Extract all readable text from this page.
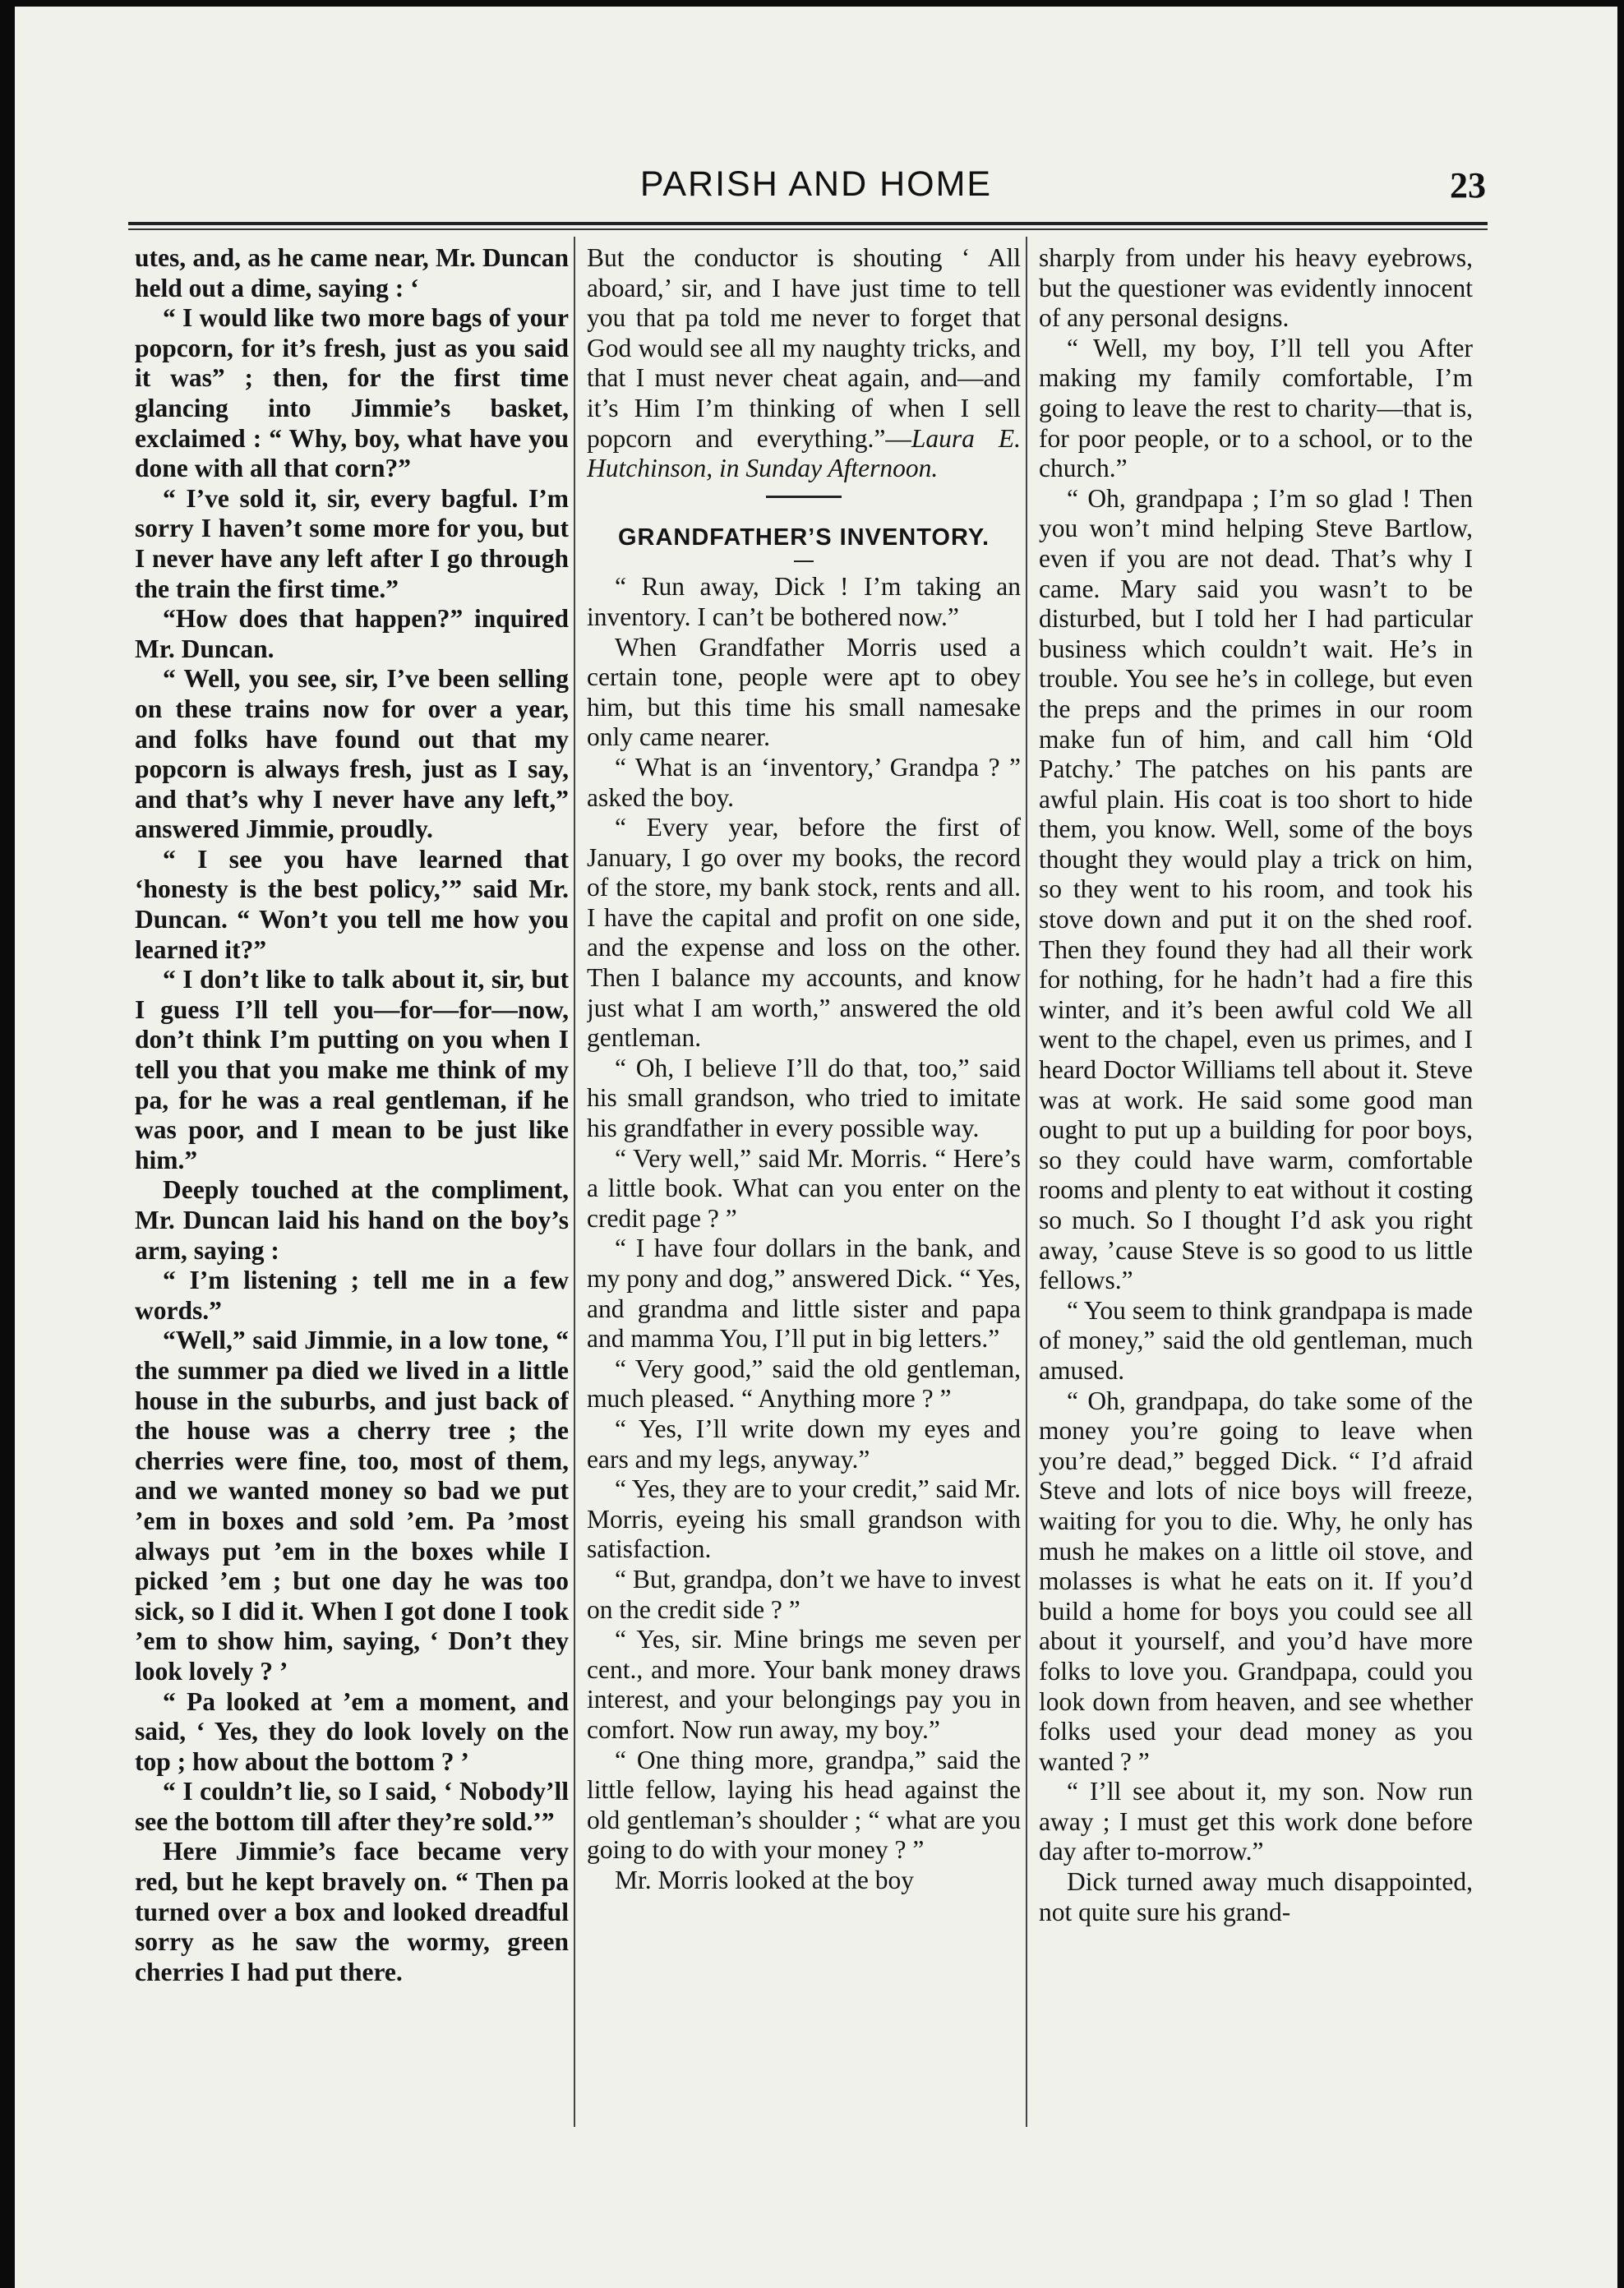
PARISH AND HOME	23

utes, and, as he came near, Mr. Duncan held out a dime, saying : ‘

“ I would like two more bags of your popcorn, for it’s fresh, just as you said it was” ; then, for the first time glancing into Jimmie’s basket, exclaimed : “ Why, boy, what have you done with all that corn?”

“ I’ve sold it, sir, every bagful. I’m sorry I haven’t some more for you, but I never have any left after I go through the train the first time.”

“How does that happen?” inquired Mr. Duncan.

“ Well, you see, sir, I’ve been selling on these trains now for over a year, and folks have found out that my popcorn is always fresh, just as I say, and that’s why I never have any left,” answered Jimmie, proudly.

“ I see you have learned that ‘honesty is the best policy,’” said Mr. Duncan. “ Won’t you tell me how you learned it?”

“ I don’t like to talk about it, sir, but I guess I’ll tell you—for—for—now, don’t think I’m putting on you when I tell you that you make me think of my pa, for he was a real gentleman, if he was poor, and I mean to be just like him.”

Deeply touched at the compliment, Mr. Duncan laid his hand on the boy’s arm, saying :

“ I’m listening ; tell me in a few words.”

“Well,” said Jimmie, in a low tone, “ the summer pa died we lived in a little house in the suburbs, and just back of the house was a cherry tree ; the cherries were fine, too, most of them, and we wanted money so bad we put ’em in boxes and sold ’em. Pa ’most always put ’em in the boxes while I picked ’em ; but one day he was too sick, so I did it. When I got done I took ’em to show him, saying, ‘ Don’t they look lovely ? ’

“ Pa looked at ’em a moment, and said, ‘ Yes, they do look lovely on the top ; how about the bottom ? ’

“ I couldn’t lie, so I said, ‘ Nobody’ll see the bottom till after they’re sold.’”

Here Jimmie’s face became very red, but he kept bravely on. “ Then pa turned over a box and looked dreadful sorry as he saw the wormy, green cherries I had put there.

But the conductor is shouting ‘ All aboard,’ sir, and I have just time to tell you that pa told me never to forget that God would see all my naughty tricks, and that I must never cheat again, and—and it’s Him I’m thinking of when I sell popcorn and everything.”—Laura E. Hutchinson, in Sunday Afternoon.

GRANDFATHER’S INVENTORY.

“ Run away, Dick ! I’m taking an inventory. I can’t be bothered now.”

When Grandfather Morris used a certain tone, people were apt to obey him, but this time his small namesake only came nearer.

“ What is an ‘inventory,’ Grandpa ? ” asked the boy.

“ Every year, before the first of January, I go over my books, the record of the store, my bank stock, rents and all. I have the capital and profit on one side, and the expense and loss on the other. Then I balance my accounts, and know just what I am worth,” answered the old gentleman.

“ Oh, I believe I’ll do that, too,” said his small grandson, who tried to imitate his grandfather in every possible way.

“ Very well,” said Mr. Morris. “ Here’s a little book. What can you enter on the credit page ? ”

“ I have four dollars in the bank, and my pony and dog,” answered Dick. “ Yes, and grandma and little sister and papa and mamma You, I’ll put in big letters.”

“ Very good,” said the old gentleman, much pleased. “ Anything more ? ”

“ Yes, I’ll write down my eyes and ears and my legs, anyway.”

“ Yes, they are to your credit,” said Mr. Morris, eyeing his small grandson with satisfaction.

“ But, grandpa, don’t we have to invest on the credit side ? ”

“ Yes, sir. Mine brings me seven per cent., and more. Your bank money draws interest, and your belongings pay you in comfort. Now run away, my boy.”

“ One thing more, grandpa,” said the little fellow, laying his head against the old gentleman’s shoulder ; “ what are you going to do with your money ? ”

Mr. Morris looked at the boy

sharply from under his heavy eyebrows, but the questioner was evidently innocent of any personal designs.

“ Well, my boy, I’ll tell you After making my family comfortable, I’m going to leave the rest to charity—that is, for poor people, or to a school, or to the church.”

“ Oh, grandpapa ; I’m so glad ! Then you won’t mind helping Steve Bartlow, even if you are not dead. That’s why I came. Mary said you wasn’t to be disturbed, but I told her I had particular business which couldn’t wait. He’s in trouble. You see he’s in college, but even the preps and the primes in our room make fun of him, and call him ‘Old Patchy.’ The patches on his pants are awful plain. His coat is too short to hide them, you know. Well, some of the boys thought they would play a trick on him, so they went to his room, and took his stove down and put it on the shed roof. Then they found they had all their work for nothing, for he hadn’t had a fire this winter, and it’s been awful cold We all went to the chapel, even us primes, and I heard Doctor Williams tell about it. Steve was at work. He said some good man ought to put up a building for poor boys, so they could have warm, comfortable rooms and plenty to eat without it costing so much. So I thought I’d ask you right away, ’cause Steve is so good to us little fellows.”

“ You seem to think grandpapa is made of money,” said the old gentleman, much amused.

“ Oh, grandpapa, do take some of the money you’re going to leave when you’re dead,” begged Dick. “ I’d afraid Steve and lots of nice boys will freeze, waiting for you to die. Why, he only has mush he makes on a little oil stove, and molasses is what he eats on it. If you’d build a home for boys you could see all about it yourself, and you’d have more folks to love you. Grandpapa, could you look down from heaven, and see whether folks used your dead money as you wanted ? ”

“ I’ll see about it, my son. Now run away ; I must get this work done before day after to-morrow.”

Dick turned away much disappointed, not quite sure his grand-
